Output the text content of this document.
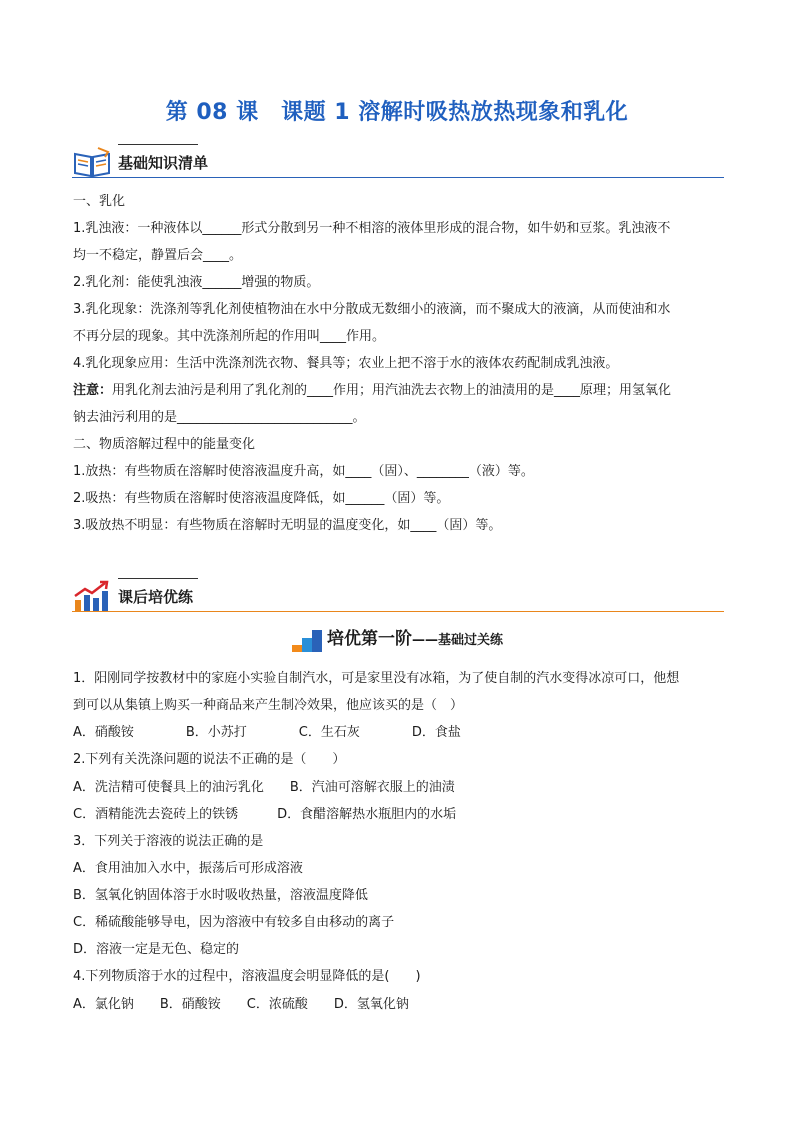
第 08 课　课题 1 溶解时吸热放热现象和乳化
基础知识清单
一、乳化
1.乳浊液：一种液体以______形式分散到另一种不相溶的液体里形成的混合物，如牛奶和豆浆。乳浊液不
均一不稳定，静置后会____。
2.乳化剂：能使乳浊液______增强的物质。
3.乳化现象：洗涤剂等乳化剂使植物油在水中分散成无数细小的液滴，而不聚成大的液滴，从而使油和水
不再分层的现象。其中洗涤剂所起的作用叫____作用。
4.乳化现象应用：生活中洗涤剂洗衣物、餐具等；农业上把不溶于水的液体农药配制成乳浊液。
注意：用乳化剂去油污是利用了乳化剂的____作用；用汽油洗去衣物上的油渍用的是____原理；用氢氧化
钠去油污利用的是___________________________。
二、物质溶解过程中的能量变化
1.放热：有些物质在溶解时使溶液温度升高，如____（固）、________（液）等。
2.吸热：有些物质在溶解时使溶液温度降低，如______（固）等。
3.吸放热不明显：有些物质在溶解时无明显的温度变化，如____（固）等。
课后培优练
培优第一阶——基础过关练
1．阳刚同学按教材中的家庭小实验自制汽水，可是家里没有冰箱，为了使自制的汽水变得冰凉可口，他想
到可以从集镇上购买一种商品来产生制冷效果，他应该买的是（　）
A．硝酸铵　　　　B．小苏打　　　　C．生石灰　　　　D．食盐
2.下列有关洗涤问题的说法不正确的是（　　）
A．洗洁精可使餐具上的油污乳化　　B．汽油可溶解衣服上的油渍
C．酒精能洗去瓷砖上的铁锈　　　D．食醋溶解热水瓶胆内的水垢
3．下列关于溶液的说法正确的是
A．食用油加入水中，振荡后可形成溶液
B．氢氧化钠固体溶于水时吸收热量，溶液温度降低
C．稀硫酸能够导电，因为溶液中有较多自由移动的离子
D．溶液一定是无色、稳定的
4.下列物质溶于水的过程中，溶液温度会明显降低的是(　　)
A．氯化钠　　B．硝酸铵　　C．浓硫酸　　D．氢氧化钠
